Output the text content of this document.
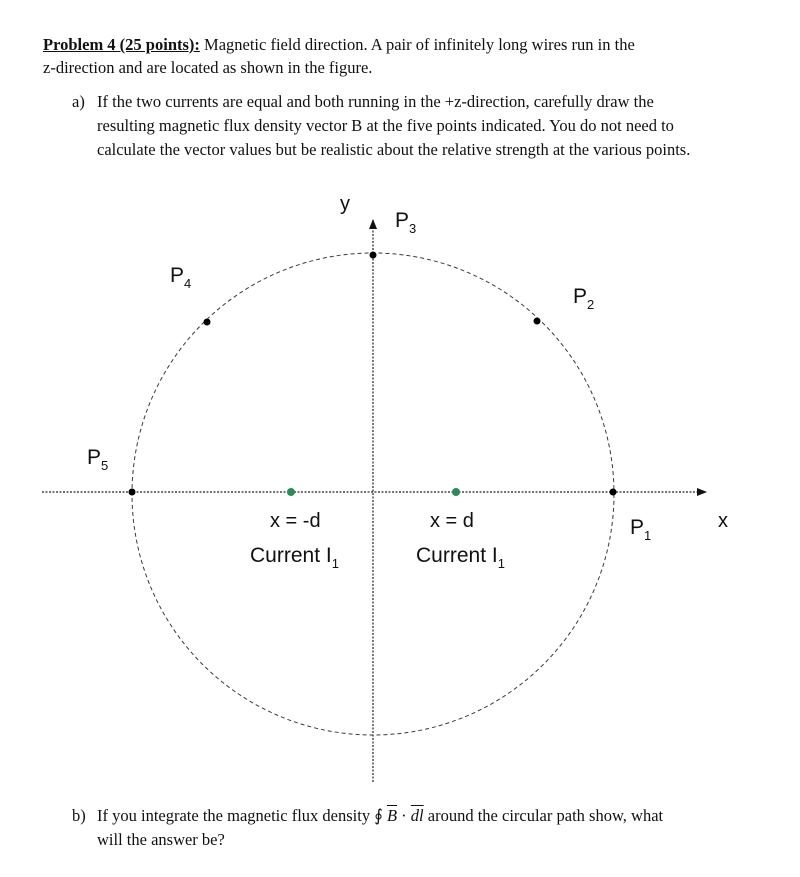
Problem 4 (25 points): Magnetic field direction. A pair of infinitely long wires run in the
z-direction and are located as shown in the figure.
a) If the two currents are equal and both running in the +z-direction, carefully draw the
resulting magnetic flux density vector B at the five points indicated. You do not need to
calculate the vector values but be realistic about the relative strength at the various points.
x
y
$P_1$
$P_2$
$P_3$
$P_4$
$P_5$
x = -d
Current $I_1$
x = d
Current $I_1$
b) If you integrate the magnetic flux density ∮ $\overline{B} \cdot \overline{dl}$ around the circular path show, what
will the answer be?
